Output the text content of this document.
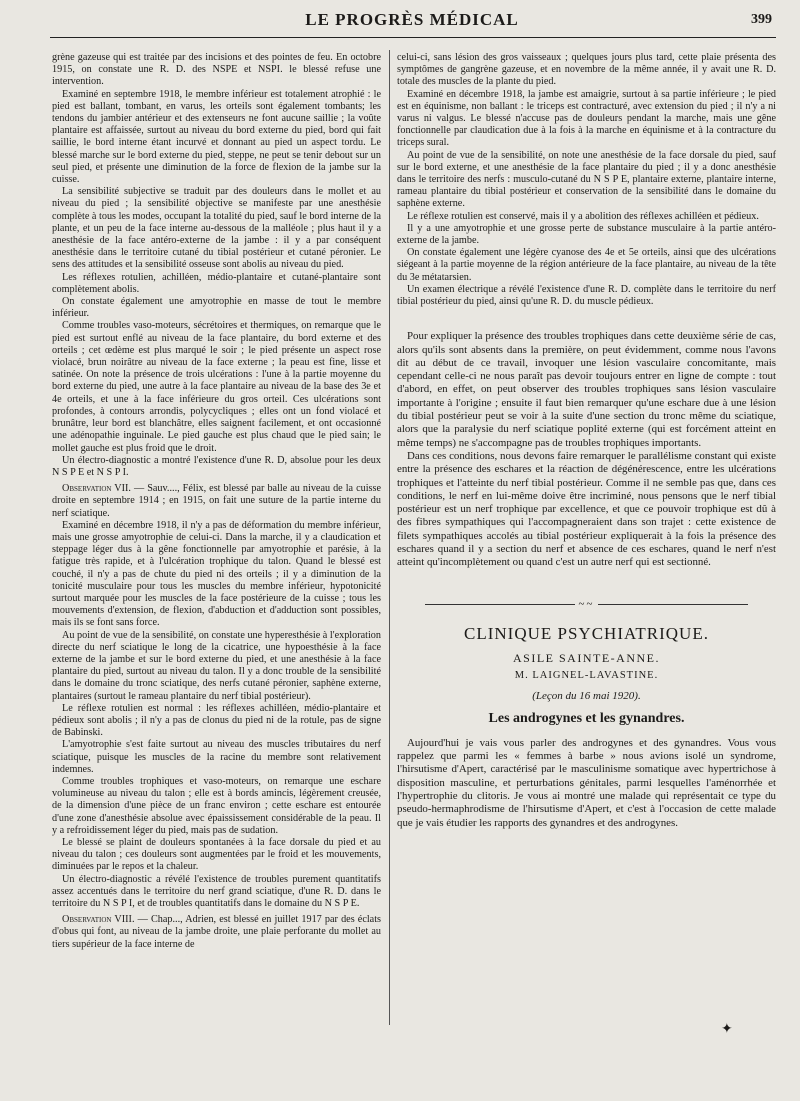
LE PROGRÈS MÉDICAL	399

grène gazeuse qui est traitée par des incisions et des pointes de feu. En octobre 1915, on constate une R. D. des NSPE et NSPI. le blessé refuse une intervention.

Examiné en septembre 1918, le membre inférieur est totalement atrophié : le pied est ballant, tombant, en varus, les orteils sont également tombants; les tendons du jambier antérieur et des extenseurs ne font aucune saillie ; la voûte plantaire est affaissée, surtout au niveau du bord externe du pied, bord qui fait saillie, le bord interne étant incurvé et donnant au pied un aspect tordu. Le blessé marche sur le bord externe du pied, steppe, ne peut se tenir debout sur un seul pied, et présente une diminution de la force de flexion de la jambe sur la cuisse.

La sensibilité subjective se traduit par des douleurs dans le mollet et au niveau du pied ; la sensibilité objective se manifeste par une anesthésie complète à tous les modes, occupant la totalité du pied, sauf le bord interne de la plante, et un peu de la face interne au-dessous de la malléole ; plus haut il y a anesthésie de la face antéro-externe de la jambe : il y a par conséquent anesthésie dans le territoire cutané du tibial postérieur et cutané péronier. Le sens des attitudes et la sensibilité osseuse sont abolis au niveau du pied.

Les réflexes rotulien, achilléen, médio-plantaire et cutané-plantaire sont complètement abolis.

On constate également une amyotrophie en masse de tout le membre inférieur.

Comme troubles vaso-moteurs, sécrétoires et thermiques, on remarque que le pied est surtout enflé au niveau de la face plantaire, du bord externe et des orteils ; cet œdème est plus marqué le soir ; le pied présente un aspect rose violacé, brun noirâtre au niveau de la face externe ; la peau est fine, lisse et satinée. On note la présence de trois ulcérations : l'une à la partie moyenne du bord externe du pied, une autre à la face plantaire au niveau de la base des 3e et 4e orteils, et une à la face inférieure du gros orteil. Ces ulcérations sont profondes, à contours arrondis, polycycliques ; elles ont un fond violacé et brunâtre, leur bord est blanchâtre, elles saignent facilement, et ont occasionné une adénopathie inguinale. Le pied gauche est plus chaud que le pied sain; le mollet gauche est plus froid que le droit.

Un électro-diagnostic a montré l'existence d'une R. D, absolue pour les deux N S P E et N S P I.

Observation VII. — Sauv...., Félix, est blessé par balle au niveau de la cuisse droite en septembre 1914 ; en 1915, on fait une suture de la partie interne du nerf sciatique.

Examiné en décembre 1918, il n'y a pas de déformation du membre inférieur, mais une grosse amyotrophie de celui-ci. Dans la marche, il y a claudication et steppage léger dus à la gêne fonctionnelle par amyotrophie et parésie, à la fatigue très rapide, et à l'ulcération trophique du talon. Quand le blessé est couché, il n'y a pas de chute du pied ni des orteils ; il y a diminution de la tonicité musculaire pour tous les muscles du membre inférieur, hypotonicité surtout marquée pour les muscles de la face postérieure de la cuisse ; tous les mouvements d'extension, de flexion, d'abduction et d'adduction sont possibles, mais ils se font sans force.

Au point de vue de la sensibilité, on constate une hyperesthésie à l'exploration directe du nerf sciatique le long de la cicatrice, une hypoesthésie à la face externe de la jambe et sur le bord externe du pied, et une anesthésie à la face plantaire du pied, surtout au niveau du talon. Il y a donc trouble de la sensibilité dans le domaine du tronc sciatique, des nerfs cutané péronier, saphène externe, plantaires (surtout le rameau plantaire du nerf tibial postérieur).

Le réflexe rotulien est normal : les réflexes achilléen, médio-plantaire et pédieux sont abolis ; il n'y a pas de clonus du pied ni de la rotule, pas de signe de Babinski.

L'amyotrophie s'est faite surtout au niveau des muscles tributaires du nerf sciatique, puisque les muscles de la racine du membre sont relativement indemnes.

Comme troubles trophiques et vaso-moteurs, on remarque une eschare volumineuse au niveau du talon ; elle est à bords amincis, légèrement creusée, de la dimension d'une pièce de un franc environ ; cette eschare est entourée d'une zone d'anesthésie absolue avec épaississement considérable de la peau. Il y a refroidissement léger du pied, mais pas de sudation.

Le blessé se plaint de douleurs spontanées à la face dorsale du pied et au niveau du talon ; ces douleurs sont augmentées par le froid et les mouvements, diminuées par le repos et la chaleur.

Un électro-diagnostic a révélé l'existence de troubles purement quantitatifs assez accentués dans le territoire du nerf grand sciatique, d'une R. D. dans le territoire du N S P I, et de troubles quantitatifs dans le domaine du N S P E.

Observation VIII. — Chap..., Adrien, est blessé en juillet 1917 par des éclats d'obus qui font, au niveau de la jambe droite, une plaie perforante du mollet au tiers supérieur de la face interne de

celui-ci, sans lésion des gros vaisseaux ; quelques jours plus tard, cette plaie présenta des symptômes de gangrène gazeuse, et en novembre de la même année, il y avait une R. D. totale des muscles de la plante du pied.

Examiné en décembre 1918, la jambe est amaigrie, surtout à sa partie inférieure ; le pied est en équinisme, non ballant : le triceps est contracturé, avec extension du pied ; il n'y a ni varus ni valgus. Le blessé n'accuse pas de douleurs pendant la marche, mais une gêne fonctionnelle par claudication due à la fois à la marche en équinisme et à la contracture du triceps sural.

Au point de vue de la sensibilité, on note une anesthésie de la face dorsale du pied, sauf sur le bord externe, et une anesthésie de la face plantaire du pied ; il y a donc anesthésie dans le territoire des nerfs : musculo-cutané du N S P E, plantaire externe, plantaire interne, rameau plantaire du tibial postérieur et conservation de la sensibilité dans le domaine du saphène externe.

Le réflexe rotulien est conservé, mais il y a abolition des réflexes achilléen et pédieux.

Il y a une amyotrophie et une grosse perte de substance musculaire à la partie antéro-externe de la jambe.

On constate également une légère cyanose des 4e et 5e orteils, ainsi que des ulcérations siégeant à la partie moyenne de la région antérieure de la face plantaire, au niveau de la tête du 3e métatarsien.

Un examen électrique a révélé l'existence d'une R. D. complète dans le territoire du nerf tibial postérieur du pied, ainsi qu'une R. D. du muscle pédieux.

Pour expliquer la présence des troubles trophiques dans cette deuxième série de cas, alors qu'ils sont absents dans la première, on peut évidemment, comme nous l'avons dit au début de ce travail, invoquer une lésion vasculaire concomitante, mais cependant celle-ci ne nous paraît pas devoir toujours entrer en ligne de compte : tout d'abord, en effet, on peut observer des troubles trophiques sans lésion vasculaire importante à l'origine ; ensuite il faut bien remarquer qu'une eschare due à une lésion du tibial postérieur peut se voir à la suite d'une section du tronc même du sciatique, alors que la paralysie du nerf sciatique poplité externe (qui est forcément atteint en même temps) ne s'accompagne pas de troubles trophiques importants.

Dans ces conditions, nous devons faire remarquer le parallélisme constant qui existe entre la présence des eschares et la réaction de dégénérescence, entre les ulcérations trophiques et l'atteinte du nerf tibial postérieur. Comme il ne semble pas que, dans ces conditions, le nerf en lui-même doive être incriminé, nous pensons que le nerf tibial postérieur est un nerf trophique par excellence, et que ce pouvoir trophique est dû à des fibres sympathiques qui l'accompagneraient dans son trajet : cette existence de filets sympathiques accolés au tibial postérieur expliquerait à la fois la présence des eschares quand il y a section du nerf et absence de ces eschares, quand le nerf n'est atteint qu'incomplètement ou quand c'est un autre nerf qui est sectionné.

~~
CLINIQUE PSYCHIATRIQUE.
ASILE SAINTE-ANNE.
M. LAIGNEL-LAVASTINE.
(Leçon du 16 mai 1920).
Les androgynes et les gynandres.

Aujourd'hui je vais vous parler des androgynes et des gynandres. Vous vous rappelez que parmi les « femmes à barbe » nous avions isolé un syndrome, l'hirsutisme d'Apert, caractérisé par le masculinisme somatique avec hypertrichose à disposition masculine, et perturbations génitales, parmi lesquelles l'aménorrhée et l'hypertrophie du clitoris. Je vous ai montré une malade qui représentait ce type du pseudo-hermaphrodisme de l'hirsutisme d'Apert, et c'est à l'occasion de cette malade que je vais étudier les rapports des gynandres et des androgynes.

✦
